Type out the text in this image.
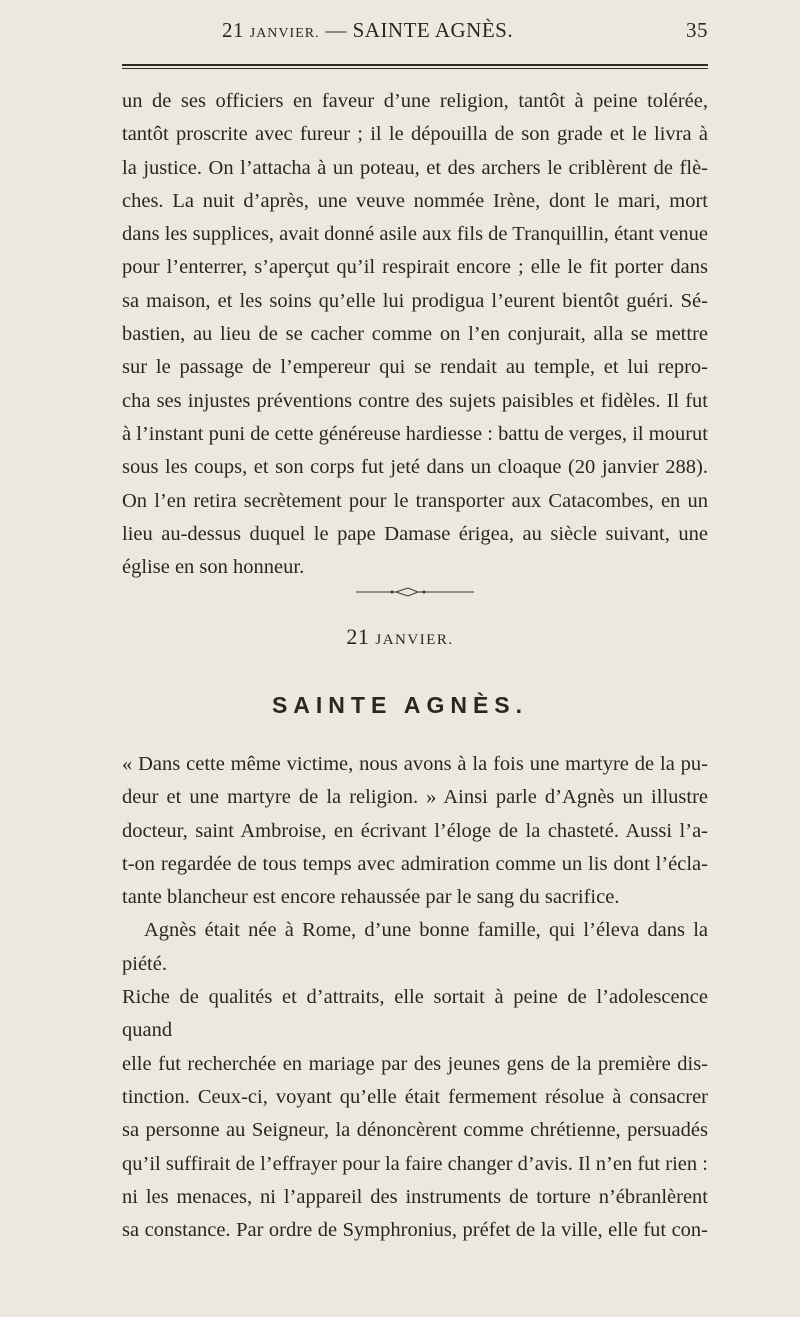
21 JANVIER. — SAINTE AGNÈS.	35

un de ses officiers en faveur d’une religion, tantôt à peine tolérée,
tantôt proscrite avec fureur ; il le dépouilla de son grade et le livra à
la justice. On l’attacha à un poteau, et des archers le criblèrent de flè-
ches. La nuit d’après, une veuve nommée Irène, dont le mari, mort
dans les supplices, avait donné asile aux fils de Tranquillin, étant venue
pour l’enterrer, s’aperçut qu’il respirait encore ; elle le fit porter dans
sa maison, et les soins qu’elle lui prodigua l’eurent bientôt guéri. Sé-
bastien, au lieu de se cacher comme on l’en conjurait, alla se mettre
sur le passage de l’empereur qui se rendait au temple, et lui repro-
cha ses injustes préventions contre des sujets paisibles et fidèles. Il fut
à l’instant puni de cette généreuse hardiesse : battu de verges, il mourut
sous les coups, et son corps fut jeté dans un cloaque (20 janvier 288).
On l’en retira secrètement pour le transporter aux Catacombes, en un
lieu au-dessus duquel le pape Damase érigea, au siècle suivant, une
église en son honneur.

21 JANVIER.
SAINTE AGNÈS.

« Dans cette même victime, nous avons à la fois une martyre de la pu-
deur et une martyre de la religion. » Ainsi parle d’Agnès un illustre
docteur, saint Ambroise, en écrivant l’éloge de la chasteté. Aussi l’a-
t-on regardée de tous temps avec admiration comme un lis dont l’écla-
tante blancheur est encore rehaussée par le sang du sacrifice.

Agnès était née à Rome, d’une bonne famille, qui l’éleva dans la piété.
Riche de qualités et d’attraits, elle sortait à peine de l’adolescence quand
elle fut recherchée en mariage par des jeunes gens de la première dis-
tinction. Ceux-ci, voyant qu’elle était fermement résolue à consacrer
sa personne au Seigneur, la dénoncèrent comme chrétienne, persuadés
qu’il suffirait de l’effrayer pour la faire changer d’avis. Il n’en fut rien :
ni les menaces, ni l’appareil des instruments de torture n’ébranlèrent
sa constance. Par ordre de Symphronius, préfet de la ville, elle fut con-
